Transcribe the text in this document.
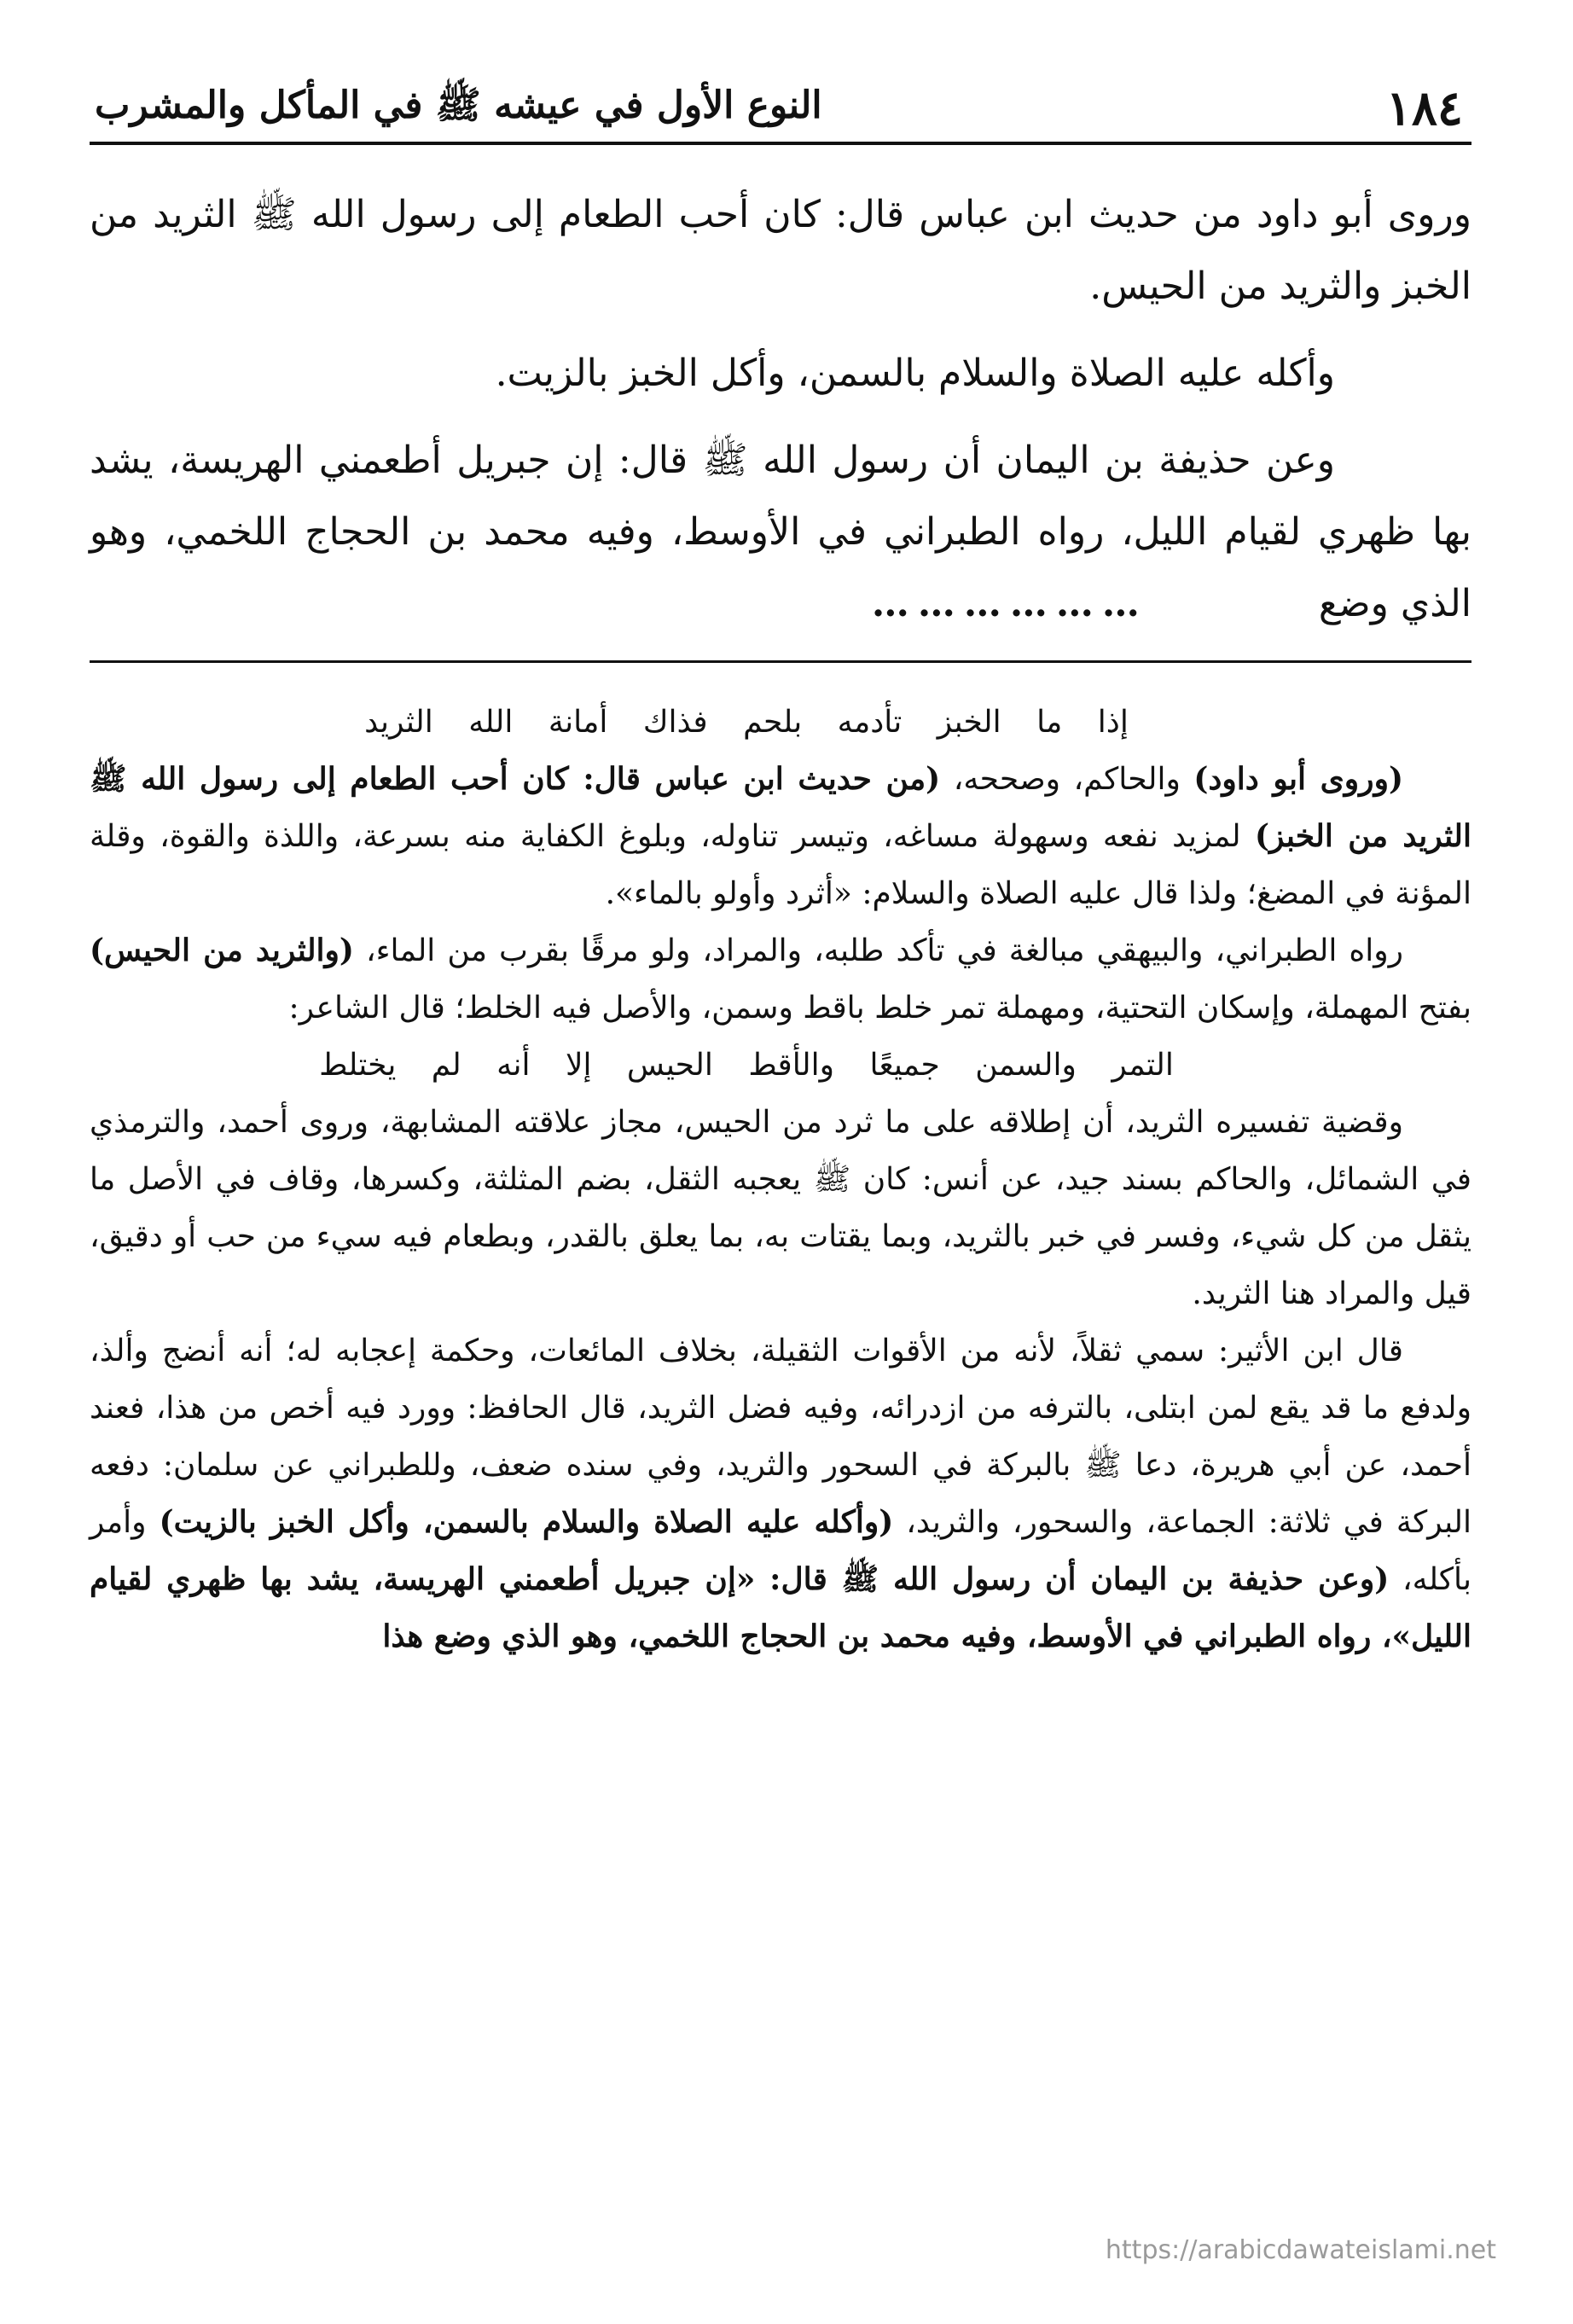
١٨٤
النوع الأول في عيشه ﷺ في المأكل والمشرب

وروى أبو داود من حديث ابن عباس قال: كان أحب الطعام إلى رسول الله ﷺ الثريد من الخبز والثريد من الحيس.

وأكله عليه الصلاة والسلام بالسمن، وأكل الخبز بالزيت.

وعن حذيفة بن اليمان أن رسول الله ﷺ قال: إن جبريل أطعمني الهريسة، يشد بها ظهري لقيام الليل، رواه الطبراني في الأوسط، وفيه محمد بن الحجاج اللخمي، وهو الذي وضع………………

إذا ما الخبز تأدمه بلحم فذاك أمانة الله الثريد

(وروى أبو داود) والحاكم، وصححه، (من حديث ابن عباس قال: كان أحب الطعام إلى رسول الله ﷺ الثريد من الخبز) لمزيد نفعه وسهولة مساغه، وتيسر تناوله، وبلوغ الكفاية منه بسرعة، واللذة والقوة، وقلة المؤنة في المضغ؛ ولذا قال عليه الصلاة والسلام: «أثرد وأولو بالماء».

رواه الطبراني، والبيهقي مبالغة في تأكد طلبه، والمراد، ولو مرقًا بقرب من الماء، (والثريد من الحيس) بفتح المهملة، وإسكان التحتية، ومهملة تمر خلط باقط وسمن، والأصل فيه الخلط؛ قال الشاعر:

التمر والسمن جميعًا والأقط الحيس إلا أنه لم يختلط

وقضية تفسيره الثريد، أن إطلاقه على ما ثرد من الحيس، مجاز علاقته المشابهة، وروى أحمد، والترمذي في الشمائل، والحاكم بسند جيد، عن أنس: كان ﷺ يعجبه الثقل، بضم المثلثة، وكسرها، وقاف في الأصل ما يثقل من كل شيء، وفسر في خبر بالثريد، وبما يقتات به، بما يعلق بالقدر، وبطعام فيه سيء من حب أو دقيق، قيل والمراد هنا الثريد.

قال ابن الأثير: سمي ثقلاً، لأنه من الأقوات الثقيلة، بخلاف المائعات، وحكمة إعجابه له؛ أنه أنضج وألذ، ولدفع ما قد يقع لمن ابتلى، بالترفه من ازدرائه، وفيه فضل الثريد، قال الحافظ: وورد فيه أخص من هذا، فعند أحمد، عن أبي هريرة، دعا ﷺ بالبركة في السحور والثريد، وفي سنده ضعف، وللطبراني عن سلمان: دفعه البركة في ثلاثة: الجماعة، والسحور، والثريد، (وأكله عليه الصلاة والسلام بالسمن، وأكل الخبز بالزيت) وأمر بأكله، (وعن حذيفة بن اليمان أن رسول الله ﷺ قال: «إن جبريل أطعمني الهريسة، يشد بها ظهري لقيام الليل»، رواه الطبراني في الأوسط، وفيه محمد بن الحجاج اللخمي، وهو الذي وضع هذا

https://arabicdawateislami.net
